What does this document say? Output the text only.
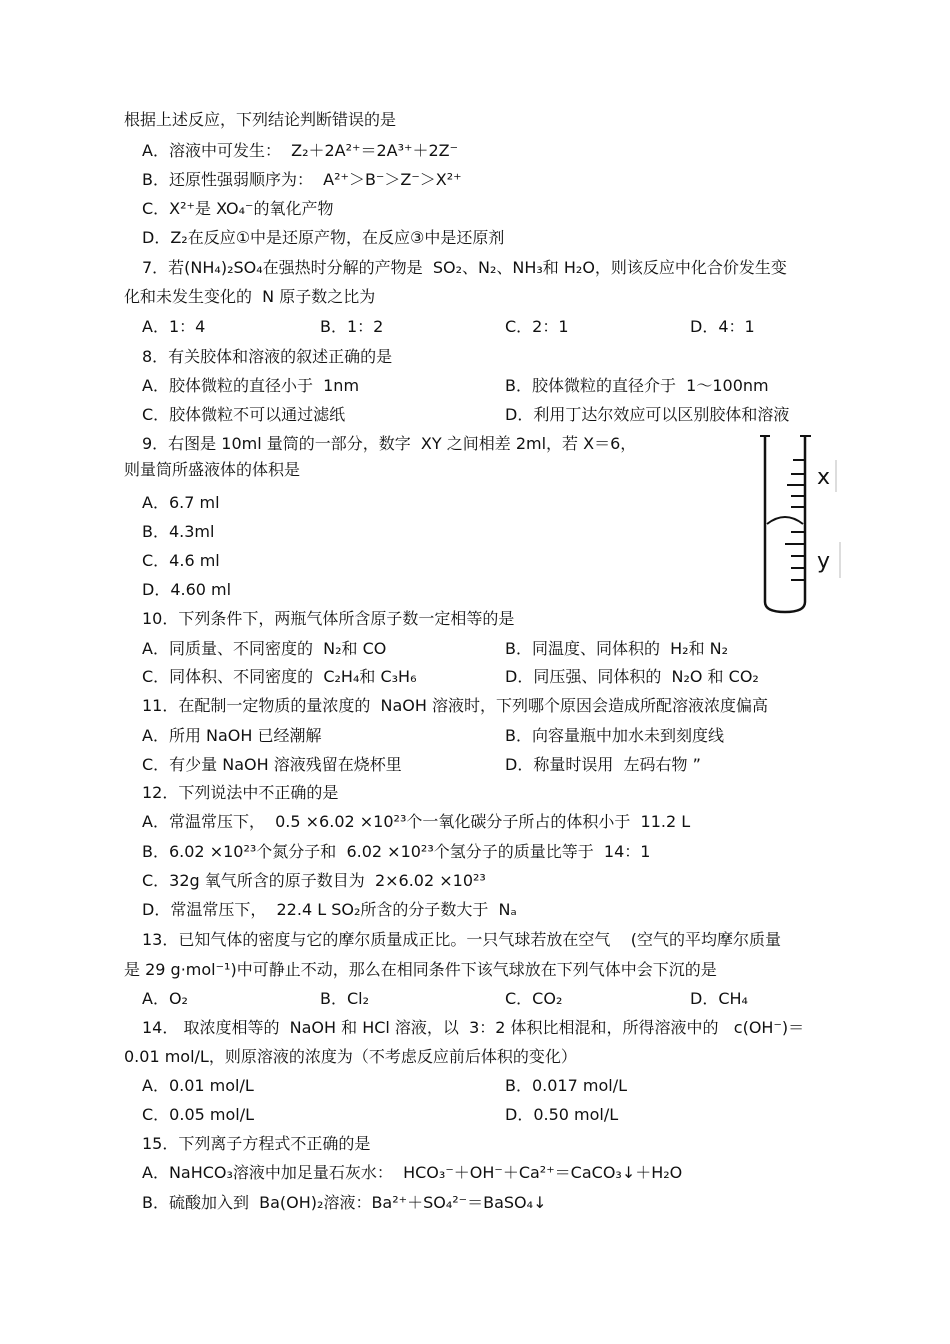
根据上述反应，下列结论判断错误的是
A．溶液中可发生：  Z₂＋2A²⁺＝2A³⁺＋2Z⁻
B．还原性强弱顺序为：  A²⁺＞B⁻＞Z⁻＞X²⁺
C．X²⁺是 XO₄⁻的氧化产物
D．Z₂在反应①中是还原产物，在反应③中是还原剂
7．若(NH₄)₂SO₄在强热时分解的产物是  SO₂、N₂、NH₃和 H₂O，则该反应中化合价发生变
化和未发生变化的  N 原子数之比为
A．1：4	B．1：2	C．2：1	D．4：1
8．有关胶体和溶液的叙述正确的是
A．胶体微粒的直径小于  1nm	B．胶体微粒的直径介于  1～100nm
C．胶体微粒不可以通过滤纸	D．利用丁达尔效应可以区别胶体和溶液
9．右图是 10ml 量筒的一部分，数字  XY 之间相差 2ml，若 X＝6，
则量筒所盛液体的体积是
A．6.7 ml
B．4.3ml
C．4.6 ml
D．4.60 ml
10．下列条件下，两瓶气体所含原子数一定相等的是
A．同质量、不同密度的  N₂和 CO	B．同温度、同体积的  H₂和 N₂
C．同体积、不同密度的  C₂H₄和 C₃H₆	D．同压强、同体积的  N₂O 和 CO₂
11．在配制一定物质的量浓度的  NaOH 溶液时，下列哪个原因会造成所配溶液浓度偏高
A．所用 NaOH 已经潮解	B．向容量瓶中加水未到刻度线
C．有少量 NaOH 溶液残留在烧杯里	D．称量时误用  左码右物 ”
12．下列说法中不正确的是
A．常温常压下，  0.5 ×6.02 ×10²³个一氧化碳分子所占的体积小于  11.2 L
B．6.02 ×10²³个氮分子和  6.02 ×10²³个氢分子的质量比等于  14：1
C．32g 氧气所含的原子数目为  2×6.02 ×10²³
D．常温常压下，  22.4 L SO₂所含的分子数大于  Nₐ
13．已知气体的密度与它的摩尔质量成正比。一只气球若放在空气    (空气的平均摩尔质量
是 29 g·mol⁻¹)中可静止不动，那么在相同条件下该气球放在下列气体中会下沉的是
A．O₂	B．Cl₂	C．CO₂	D．CH₄
14． 取浓度相等的  NaOH 和 HCl 溶液，以  3：2 体积比相混和，所得溶液中的   c(OH⁻)＝
0.01 mol/L，则原溶液的浓度为（不考虑反应前后体积的变化）
A．0.01 mol/L	B．0.017 mol/L
C．0.05 mol/L	D．0.50 mol/L
15．下列离子方程式不正确的是
A．NaHCO₃溶液中加足量石灰水：  HCO₃⁻＋OH⁻＋Ca²⁺＝CaCO₃↓＋H₂O
B．硫酸加入到  Ba(OH)₂溶液：Ba²⁺＋SO₄²⁻＝BaSO₄↓
x
y
